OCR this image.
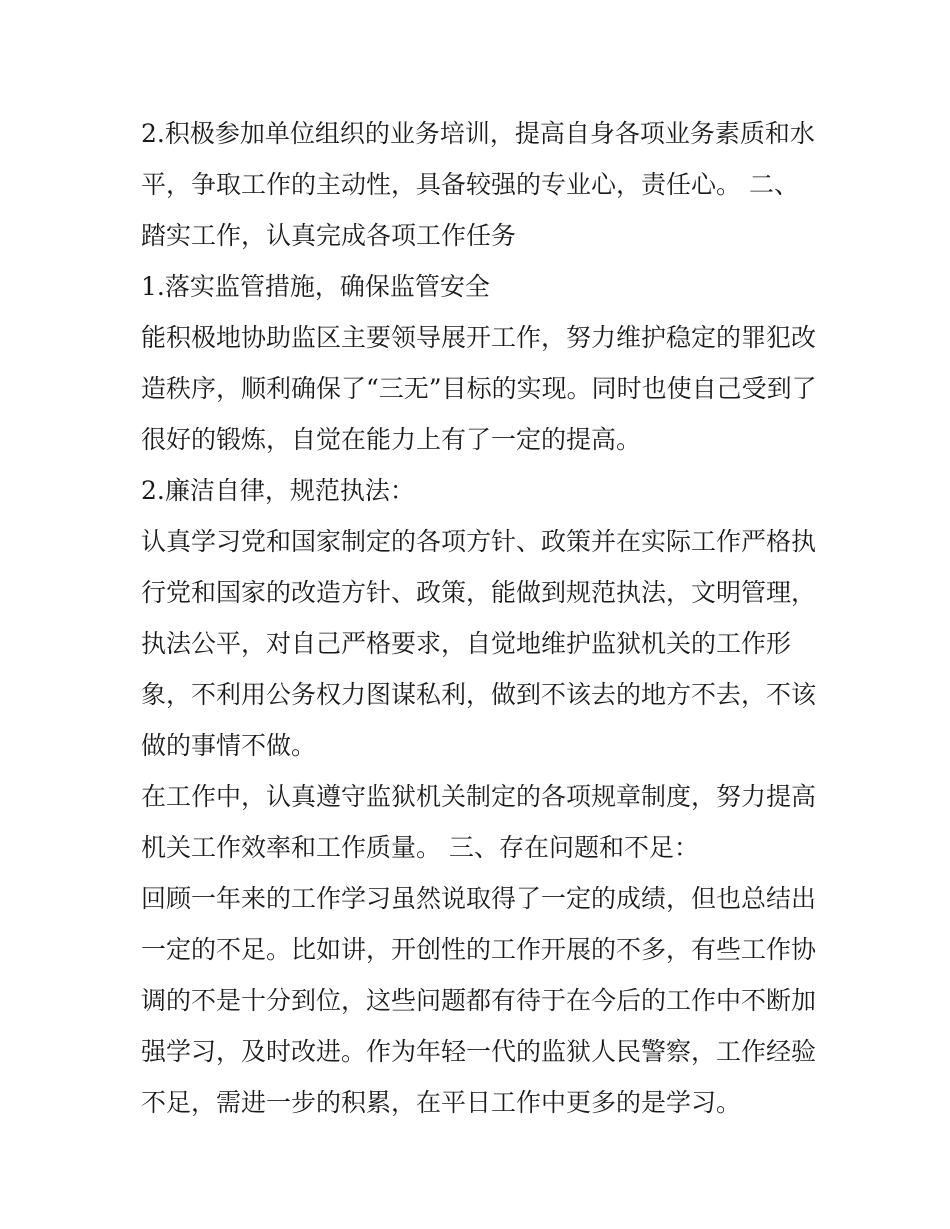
2.积极参加单位组织的业务培训，提高自身各项业务素质和水
平，争取工作的主动性，具备较强的专业心，责任心。 二、
踏实工作，认真完成各项工作任务
1.落实监管措施，确保监管安全
能积极地协助监区主要领导展开工作，努力维护稳定的罪犯改
造秩序，顺利确保了“三无”目标的实现。同时也使自己受到了
很好的锻炼，自觉在能力上有了一定的提高。
2.廉洁自律，规范执法：
认真学习党和国家制定的各项方针、政策并在实际工作严格执
行党和国家的改造方针、政策，能做到规范执法，文明管理，
执法公平，对自己严格要求，自觉地维护监狱机关的工作形
象，不利用公务权力图谋私利，做到不该去的地方不去，不该
做的事情不做。
在工作中，认真遵守监狱机关制定的各项规章制度，努力提高
机关工作效率和工作质量。 三、存在问题和不足：
回顾一年来的工作学习虽然说取得了一定的成绩，但也总结出
一定的不足。比如讲，开创性的工作开展的不多，有些工作协
调的不是十分到位，这些问题都有待于在今后的工作中不断加
强学习，及时改进。作为年轻一代的监狱人民警察，工作经验
不足，需进一步的积累，在平日工作中更多的是学习。
